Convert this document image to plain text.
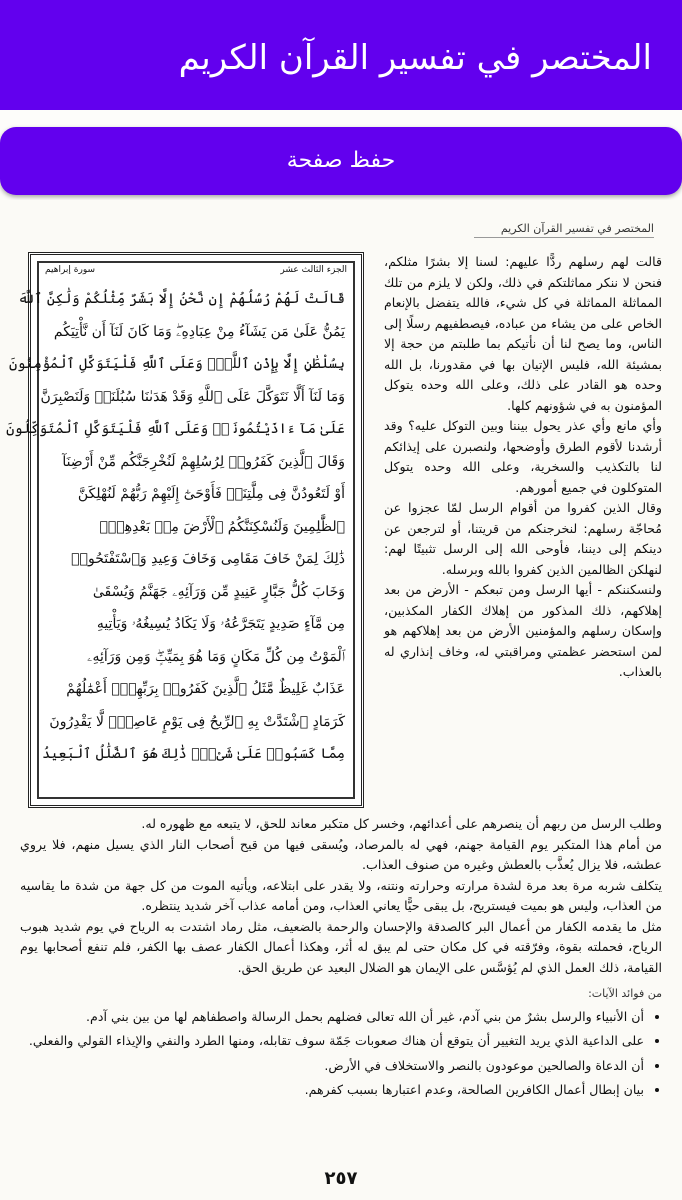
المختصر في تفسير القرآن الكريم
حفظ صفحة
المختصر في تفسير القرآن الكريم
الجزء الثالث عشر
سورة إبراهيم
قَالَتْ لَهُمْ رُسُلُهُمْ إِن نَّحْنُ إِلَّا بَشَرٌ مِّثْلُكُمْ وَلَٰكِنَّ ٱللَّهَ
يَمُنُّ عَلَىٰ مَن يَشَآءُ مِنْ عِبَادِهِۦۖ وَمَا كَانَ لَنَآ أَن نَّأْتِيَكُم
بِسُلْطَٰنٍ إِلَّا بِإِذْنِ ٱللَّهِۚ وَعَلَى ٱللَّهِ فَلْيَتَوَكَّلِ ٱلْمُؤْمِنُونَ
وَمَا لَنَآ أَلَّا نَتَوَكَّلَ عَلَى ٱللَّهِ وَقَدْ هَدَىٰنَا سُبُلَنَاۚ وَلَنَصْبِرَنَّ
عَلَىٰ مَآ ءَاذَيْتُمُونَاۚ وَعَلَى ٱللَّهِ فَلْيَتَوَكَّلِ ٱلْمُتَوَكِّلُونَ
وَقَالَ ٱلَّذِينَ كَفَرُوا۟ لِرُسُلِهِمْ لَنُخْرِجَنَّكُم مِّنْ أَرْضِنَآ
أَوْ لَتَعُودُنَّ فِى مِلَّتِنَاۖ فَأَوْحَىٰٓ إِلَيْهِمْ رَبُّهُمْ لَنُهْلِكَنَّ
ٱلظَّٰلِمِينَ وَلَنُسْكِنَنَّكُمُ ٱلْأَرْضَ مِنۢ بَعْدِهِمْۚ
ذَٰلِكَ لِمَنْ خَافَ مَقَامِى وَخَافَ وَعِيدِ وَٱسْتَفْتَحُوا۟
وَخَابَ كُلُّ جَبَّارٍ عَنِيدٍ مِّن وَرَآئِهِۦ جَهَنَّمُ وَيُسْقَىٰ
مِن مَّآءٍ صَدِيدٍ يَتَجَرَّعُهُۥ وَلَا يَكَادُ يُسِيغُهُۥ وَيَأْتِيهِ
ٱلْمَوْتُ مِن كُلِّ مَكَانٍ وَمَا هُوَ بِمَيِّتٍۖ وَمِن وَرَآئِهِۦ
عَذَابٌ غَلِيظٌ مَّثَلُ ٱلَّذِينَ كَفَرُوا۟ بِرَبِّهِمْۖ أَعْمَٰلُهُمْ
كَرَمَادٍ ٱشْتَدَّتْ بِهِ ٱلرِّيحُ فِى يَوْمٍ عَاصِفٍۖ لَّا يَقْدِرُونَ
مِمَّا كَسَبُوا۟ عَلَىٰ شَىْءٍۚ ذَٰلِكَ هُوَ ٱلضَّلَٰلُ ٱلْبَعِيدُ

قالت لهم رسلهم ردًّا عليهم: لسنا إلا بشرًا مثلكم، فنحن لا ننكر مماثلتكم في ذلك، ولكن لا يلزم من تلك المماثلة المماثلة في كل شيء، فالله يتفضل بالإنعام الخاص على من يشاء من عباده، فيصطفيهم رسلًا إلى الناس، وما يصح لنا أن نأتيكم بما طلبتم من حجة إلا بمشيئة الله، فليس الإتيان بها في مقدورنا، بل الله وحده هو القادر على ذلك، وعلى الله وحده يتوكل المؤمنون به في شؤونهم كلها.

وأي مانع وأي عذر يحول بيننا وبين التوكل عليه؟ وقد أرشدنا لأقوم الطرق وأوضحها، ولنصبرن على إيذائكم لنا بالتكذيب والسخرية، وعلى الله وحده يتوكل المتوكلون في جميع أمورهم.

وقال الذين كفروا من أقوام الرسل لمّا عجزوا عن مُحاجّة رسلهم: لنخرجنكم من قريتنا، أو لترجعن عن دينكم إلى ديننا، فأوحى الله إلى الرسل تثبيتًا لهم: لنهلكن الظالمين الذين كفروا بالله وبرسله.

ولنسكننكم - أيها الرسل ومن تبعكم - الأرض من بعد إهلاكهم، ذلك المذكور من إهلاك الكفار المكذبين، وإسكان رسلهم والمؤمنين الأرض من بعد إهلاكهم هو لمن استحضر عظمتي ومراقبتي له، وخاف إنذاري له بالعذاب.

وطلب الرسل من ربهم أن ينصرهم على أعدائهم، وخسر كل متكبر معاند للحق، لا يتبعه مع ظهوره له.

من أمام هذا المتكبر يوم القيامة جهنم، فهي له بالمرصاد، ويُسقى فيها من قيح أصحاب النار الذي يسيل منهم، فلا يروي عطشه، فلا يزال يُعذَّب بالعطش وغيره من صنوف العذاب.

يتكلف شربه مرة بعد مرة لشدة مرارته وحرارته ونتنه، ولا يقدر على ابتلاعه، ويأتيه الموت من كل جهة من شدة ما يقاسيه من العذاب، وليس هو بميت فيستريح، بل يبقى حيًّا يعاني العذاب، ومن أمامه عذاب آخر شديد ينتظره.

مثل ما يقدمه الكفار من أعمال البر كالصدقة والإحسان والرحمة بالضعيف، مثل رماد اشتدت به الرياح في يوم شديد هبوب الرياح، فحملته بقوة، وفرّقته في كل مكان حتى لم يبق له أثر، وهكذا أعمال الكفار عصف بها الكفر، فلم تنفع أصحابها يوم القيامة، ذلك العمل الذي لم يُؤسَّس على الإيمان هو الضلال البعيد عن طريق الحق.

من فوائد الآيات:
• أن الأنبياء والرسل بشرٌ من بني آدم، غير أن الله تعالى فضلهم بحمل الرسالة واصطفاهم لها من بين بني آدم.
• على الداعية الذي يريد التغيير أن يتوقع أن هناك صعوبات جَمّة سوف تقابله، ومنها الطرد والنفي والإيذاء القولي والفعلي.
• أن الدعاة والصالحين موعودون بالنصر والاستخلاف في الأرض.
• بيان إبطال أعمال الكافرين الصالحة، وعدم اعتبارها بسبب كفرهم.
٢٥٧
